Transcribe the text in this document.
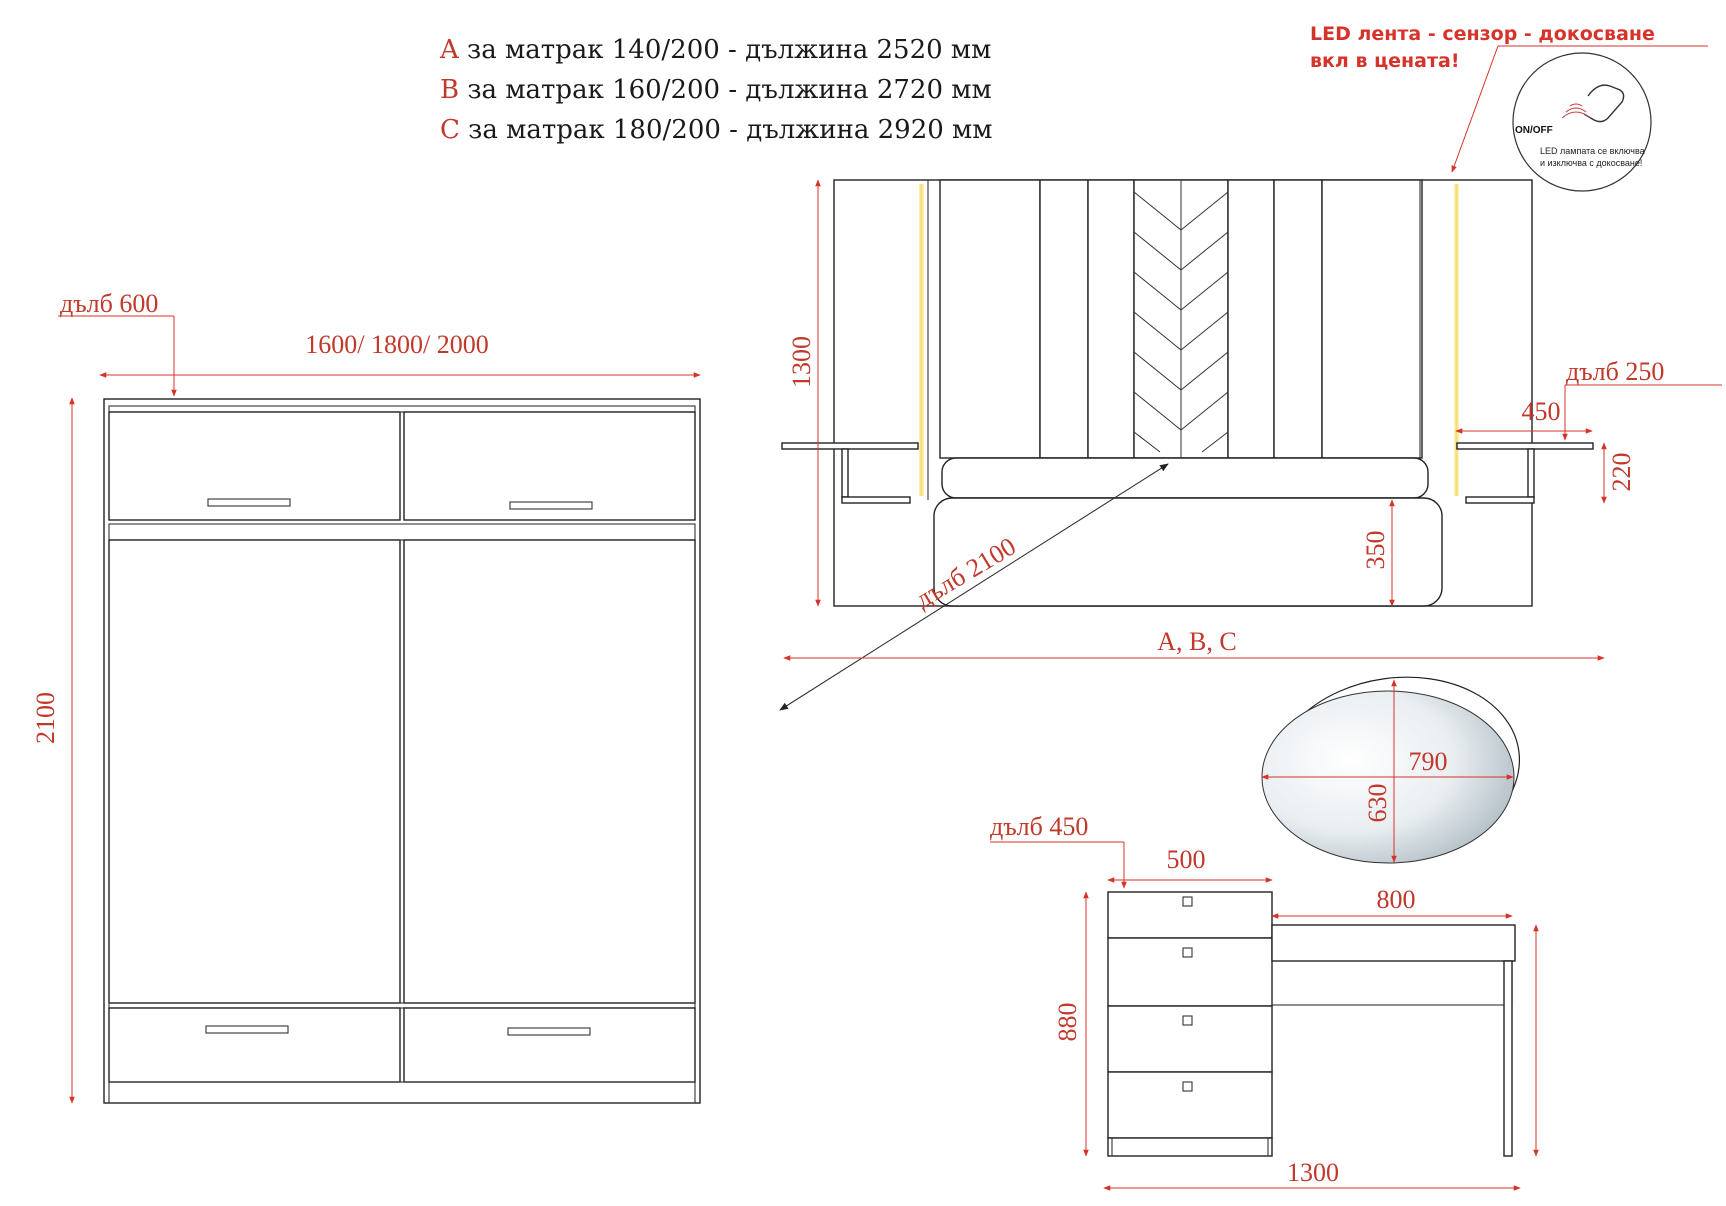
A за матрак 140/200 - дължина 2520 мм
B за матрак 160/200 - дължина 2720 мм
C за матрак 180/200 - дължина 2920 мм
LED лента - сензор - докосване
вкл в цената!
ON/OFF
LED лампата се включва
и изключва с докосване!
1600/ 1800/ 2000
дълб 600
2100
1300
350
дълб 2100
A, B, C
450
дълб 250
220
790
630
дълб 450
500
800
880
1300
